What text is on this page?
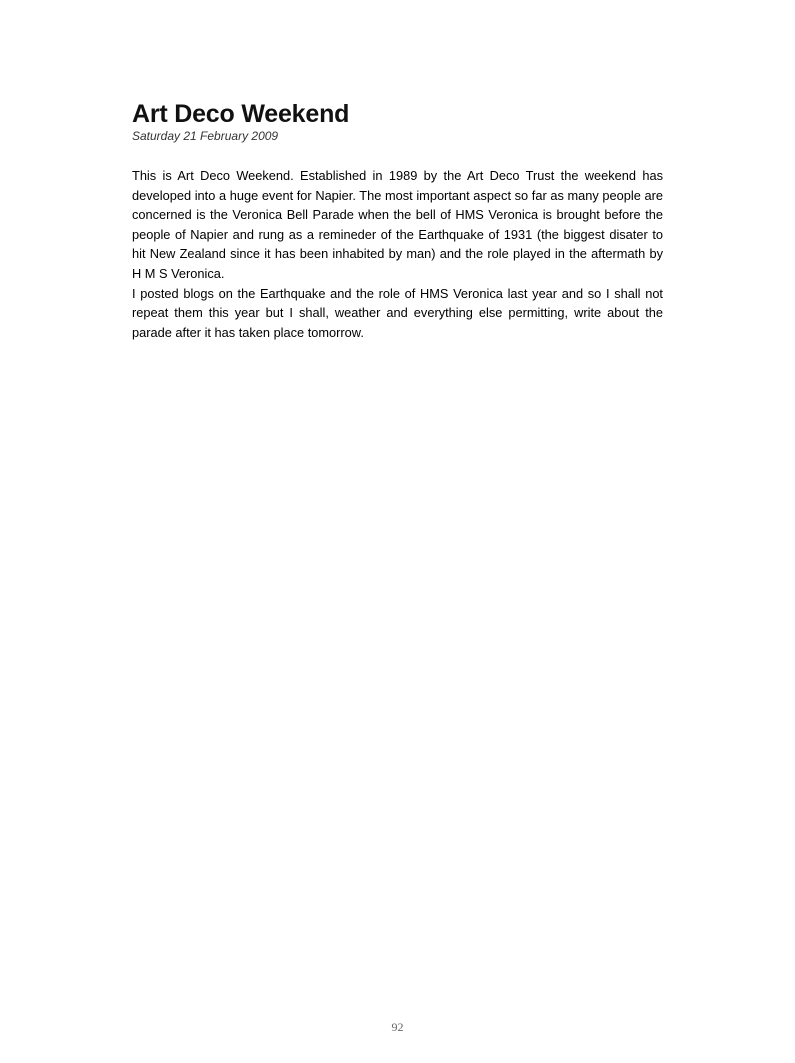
Art Deco Weekend

Saturday 21 February 2009

This is Art Deco Weekend. Established in 1989 by the Art Deco Trust the weekend has developed into a huge event for Napier. The most important aspect so far as many people are concerned is the Veronica Bell Parade when the bell of HMS Veronica is brought before the people of Napier and rung as a remineder of the Earthquake of 1931 (the biggest disater to hit New Zealand since it has been inhabited by man) and the role played in the aftermath by H M S Veronica.

I posted blogs on the Earthquake and the role of HMS Veronica last year and so I shall not repeat them this year but I shall, weather and everything else permitting, write about the parade after it has taken place tomorrow.

92
